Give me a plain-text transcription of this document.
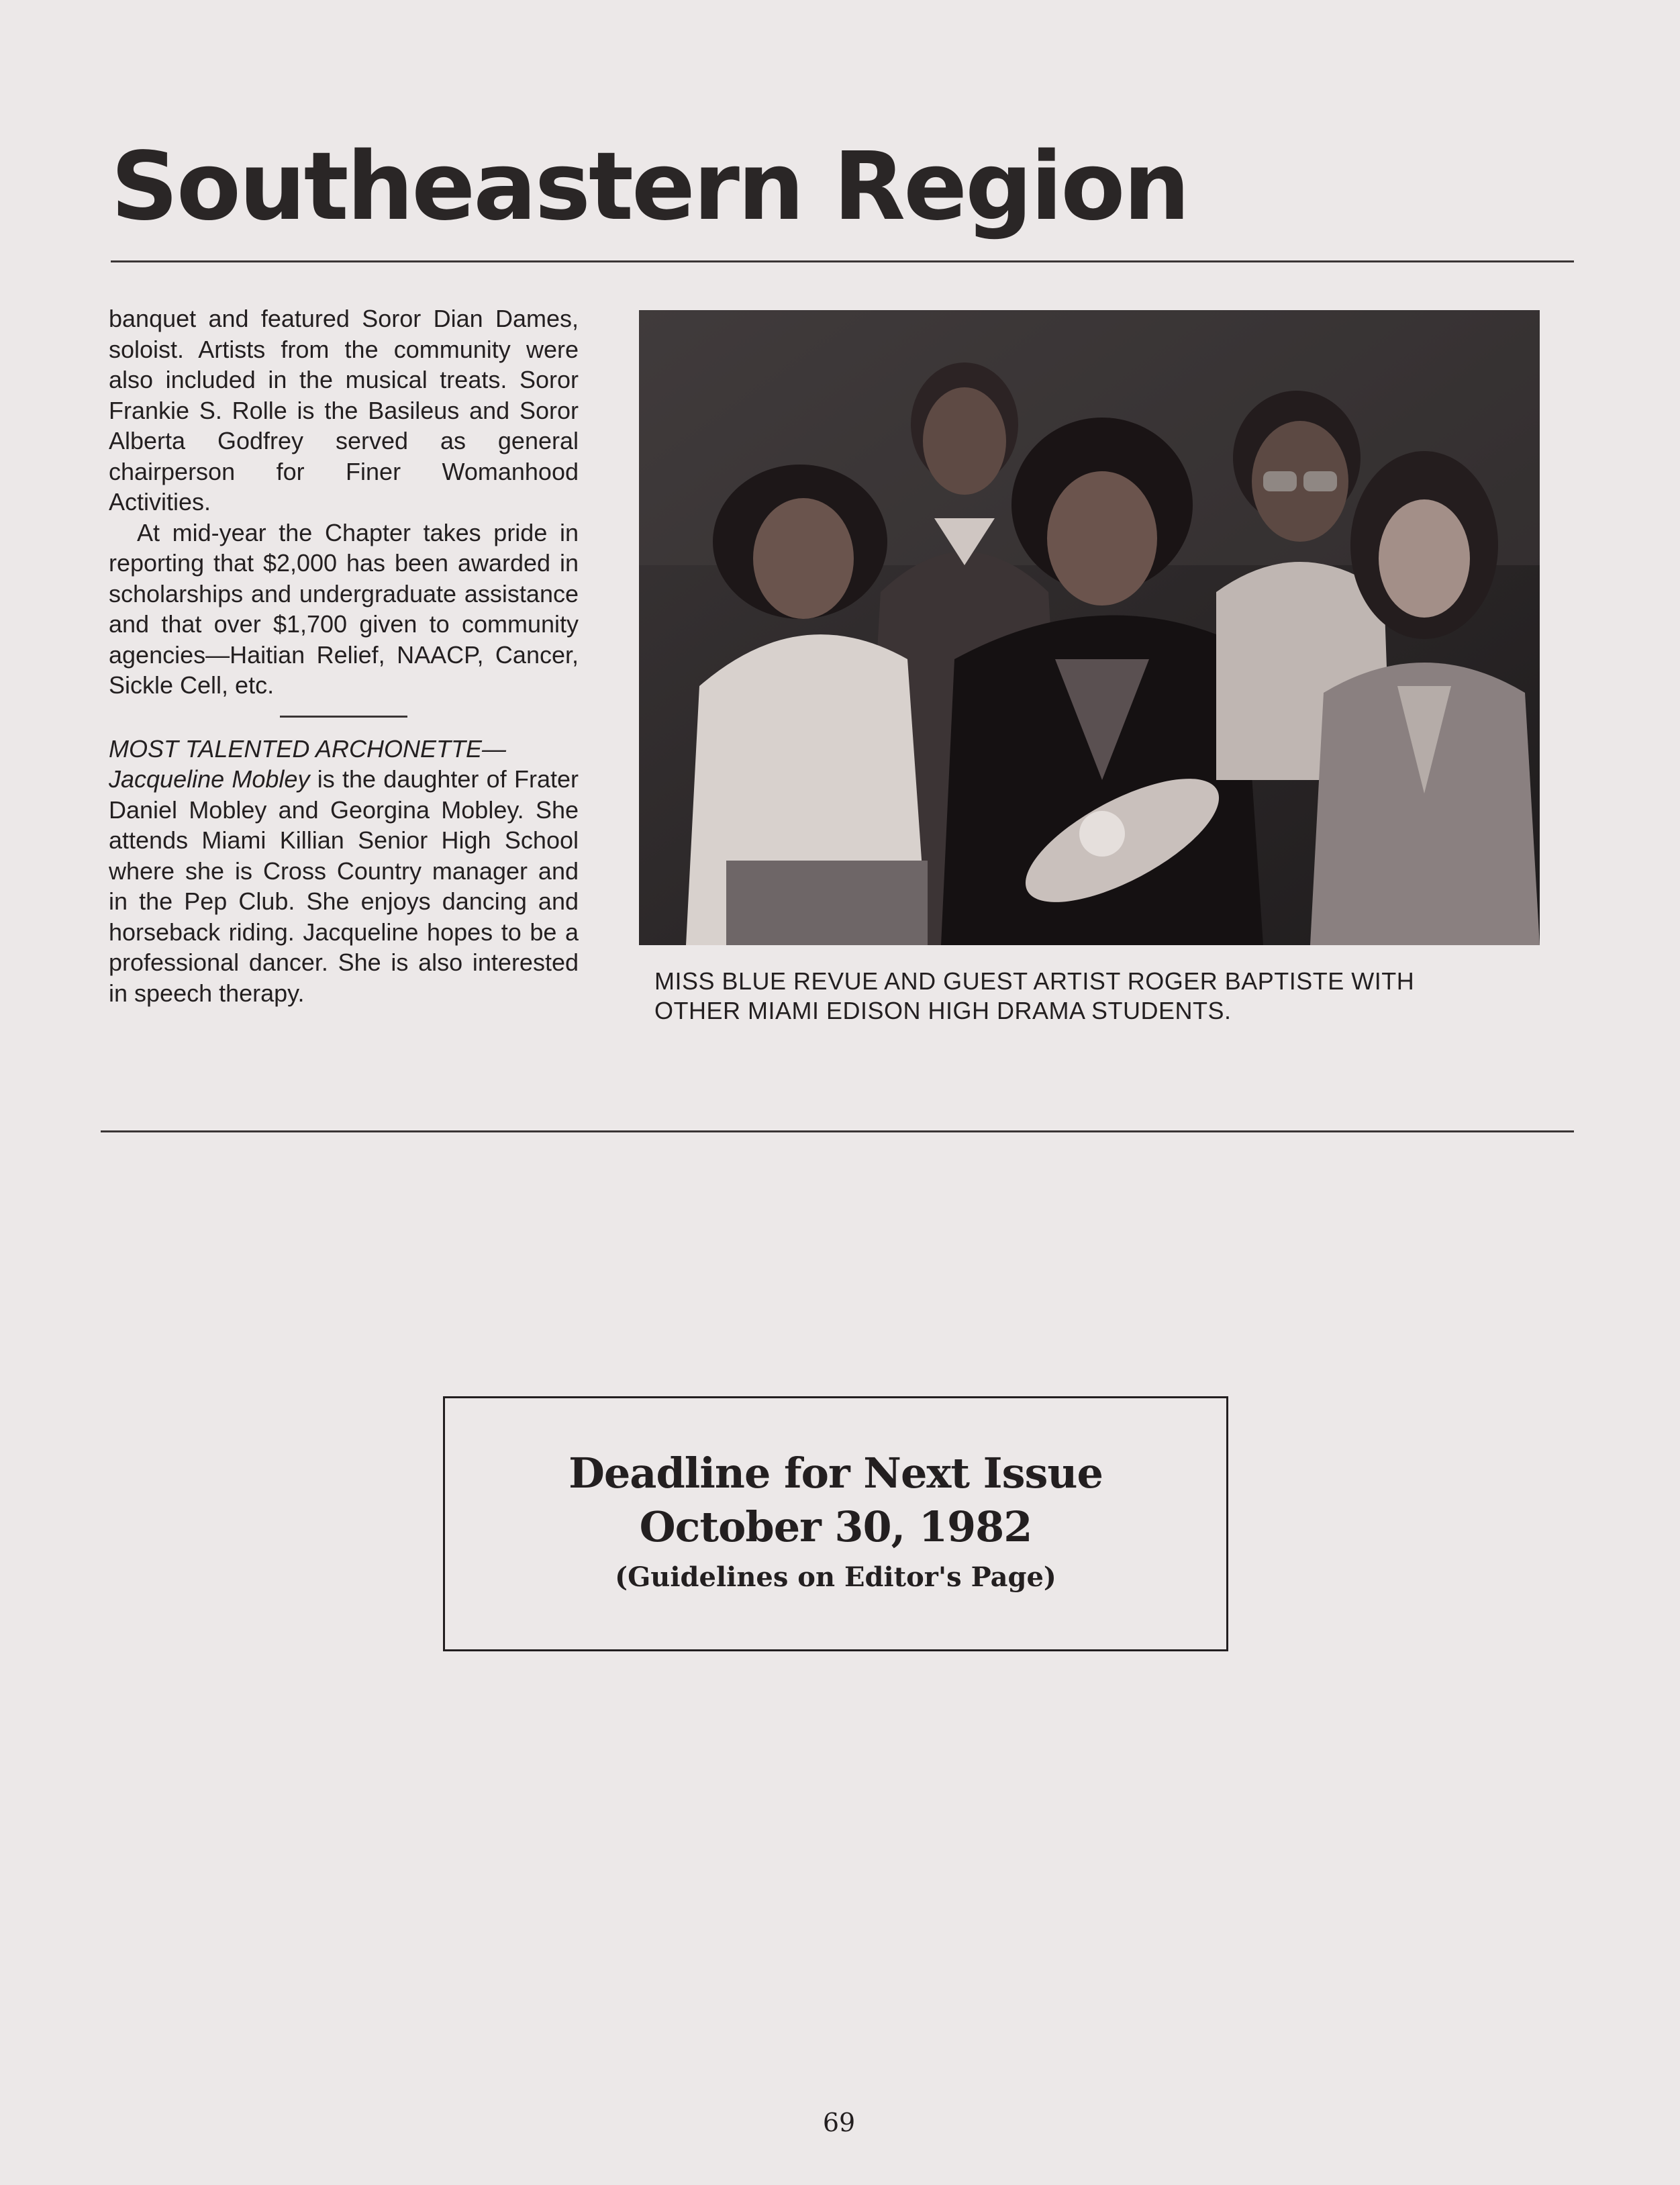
Southeastern Region

banquet and featured Soror Dian Dames, soloist. Artists from the community were also included in the musical treats. Soror Frankie S. Rolle is the Basileus and Soror Alberta Godfrey served as general chairperson for Finer Womanhood Activities.

At mid-year the Chapter takes pride in reporting that $2,000 has been awarded in scholarships and undergraduate assistance and that over $1,700 given to community agencies—Haitian Relief, NAACP, Cancer, Sickle Cell, etc.

MOST TALENTED ARCHONETTE—
Jacqueline Mobley is the daughter of Frater Daniel Mobley and Georgina Mobley. She attends Miami Killian Senior High School where she is Cross Country manager and in the Pep Club. She enjoys dancing and horseback riding. Jacqueline hopes to be a professional dancer. She is also interested in speech therapy.	MISS BLUE REVUE AND GUEST ARTIST ROGER BAPTISTE WITH
OTHER MIAMI EDISON HIGH DRAMA STUDENTS.
Deadline for Next Issue
October 30, 1982
(Guidelines on Editor's Page)
69
